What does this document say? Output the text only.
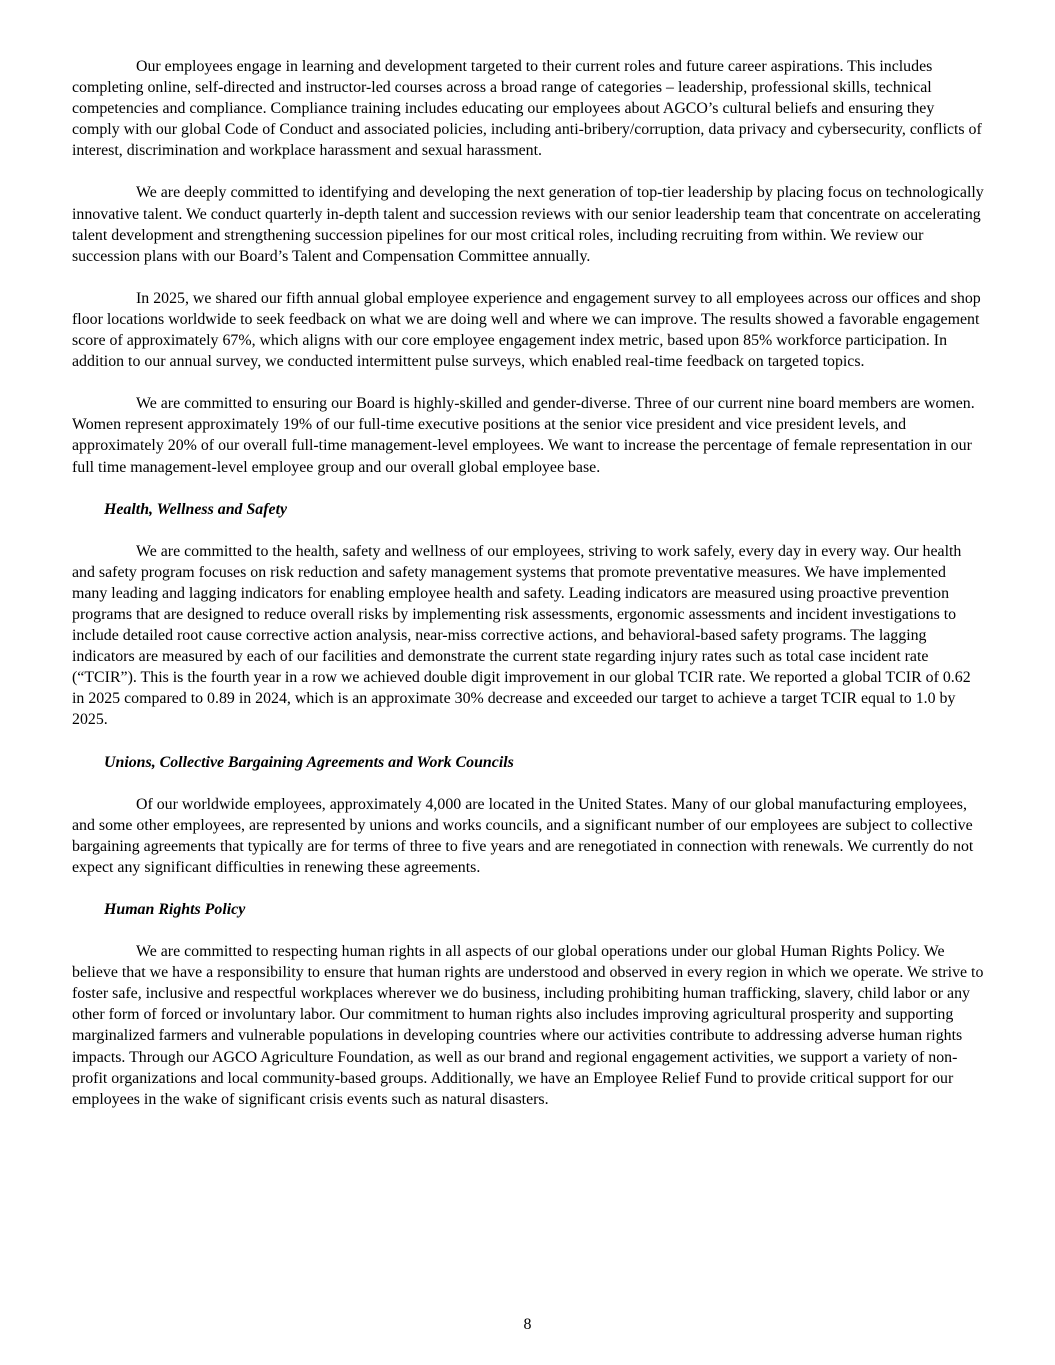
Our employees engage in learning and development targeted to their current roles and future career aspirations. This includes completing online, self-directed and instructor-led courses across a broad range of categories – leadership, professional skills, technical competencies and compliance. Compliance training includes educating our employees about AGCO’s cultural beliefs and ensuring they comply with our global Code of Conduct and associated policies, including anti-bribery/corruption, data privacy and cybersecurity, conflicts of interest, discrimination and workplace harassment and sexual harassment.

We are deeply committed to identifying and developing the next generation of top-tier leadership by placing focus on technologically innovative talent. We conduct quarterly in-depth talent and succession reviews with our senior leadership team that concentrate on accelerating talent development and strengthening succession pipelines for our most critical roles, including recruiting from within. We review our succession plans with our Board’s Talent and Compensation Committee annually.

In 2025, we shared our fifth annual global employee experience and engagement survey to all employees across our offices and shop floor locations worldwide to seek feedback on what we are doing well and where we can improve. The results showed a favorable engagement score of approximately 67%, which aligns with our core employee engagement index metric, based upon 85% workforce participation. In addition to our annual survey, we conducted intermittent pulse surveys, which enabled real-time feedback on targeted topics.

We are committed to ensuring our Board is highly-skilled and gender-diverse. Three of our current nine board members are women. Women represent approximately 19% of our full-time executive positions at the senior vice president and vice president levels, and approximately 20% of our overall full-time management-level employees. We want to increase the percentage of female representation in our full time management-level employee group and our overall global employee base.

Health, Wellness and Safety

We are committed to the health, safety and wellness of our employees, striving to work safely, every day in every way. Our health and safety program focuses on risk reduction and safety management systems that promote preventative measures. We have implemented many leading and lagging indicators for enabling employee health and safety. Leading indicators are measured using proactive prevention programs that are designed to reduce overall risks by implementing risk assessments, ergonomic assessments and incident investigations to include detailed root cause corrective action analysis, near-miss corrective actions, and behavioral-based safety programs. The lagging indicators are measured by each of our facilities and demonstrate the current state regarding injury rates such as total case incident rate (“TCIR”). This is the fourth year in a row we achieved double digit improvement in our global TCIR rate. We reported a global TCIR of 0.62 in 2025 compared to 0.89 in 2024, which is an approximate 30% decrease and exceeded our target to achieve a target TCIR equal to 1.0 by 2025.

Unions, Collective Bargaining Agreements and Work Councils

Of our worldwide employees, approximately 4,000 are located in the United States. Many of our global manufacturing employees, and some other employees, are represented by unions and works councils, and a significant number of our employees are subject to collective bargaining agreements that typically are for terms of three to five years and are renegotiated in connection with renewals. We currently do not expect any significant difficulties in renewing these agreements.

Human Rights Policy

We are committed to respecting human rights in all aspects of our global operations under our global Human Rights Policy. We believe that we have a responsibility to ensure that human rights are understood and observed in every region in which we operate. We strive to foster safe, inclusive and respectful workplaces wherever we do business, including prohibiting human trafficking, slavery, child labor or any other form of forced or involuntary labor. Our commitment to human rights also includes improving agricultural prosperity and supporting marginalized farmers and vulnerable populations in developing countries where our activities contribute to addressing adverse human rights impacts. Through our AGCO Agriculture Foundation, as well as our brand and regional engagement activities, we support a variety of non-profit organizations and local community-based groups. Additionally, we have an Employee Relief Fund to provide critical support for our employees in the wake of significant crisis events such as natural disasters.

8
